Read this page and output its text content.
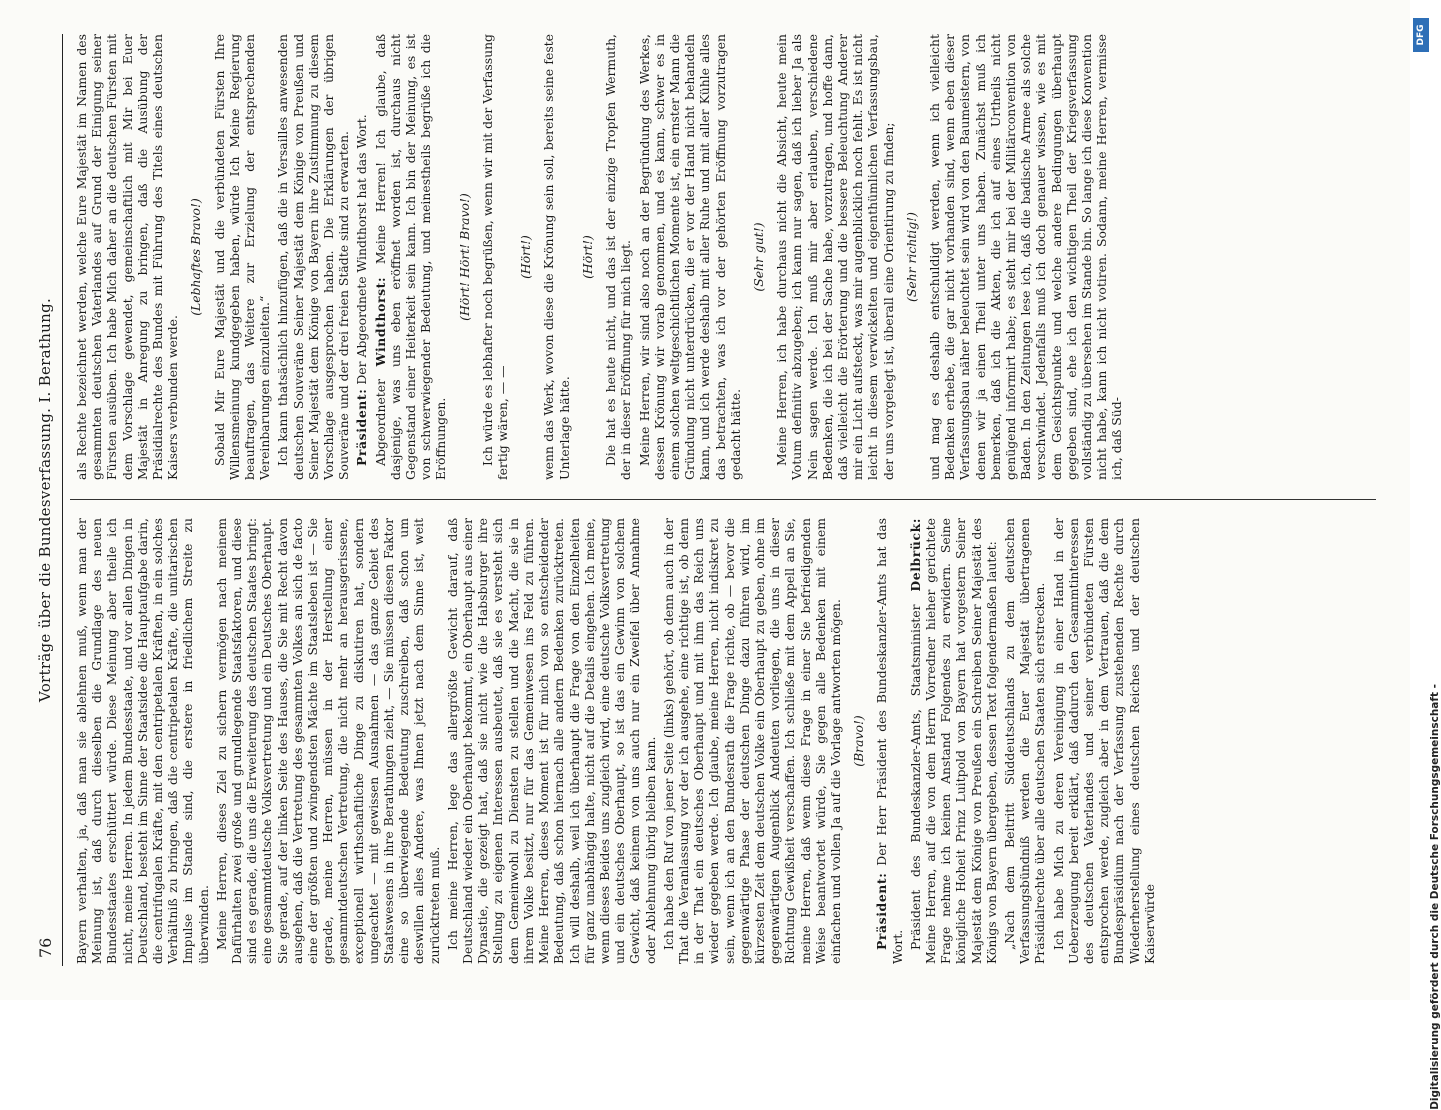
76
Vorträge über die Bundesverfassung. I. Berathung.

Bayern verhalten, ja, daß man sie ablehnen muß, wenn man der Meinung ist, daß durch dieselben die Grundlage des neuen Bundesstaates erschüttert würde. Diese Meinung aber theile ich nicht, meine Herren. In jedem Bundesstaate, und vor allen Dingen in Deutschland, besteht im Sinne der Staatsidee die Hauptaufgabe darin, die centrifugalen Kräfte, mit den centripetalen Kräften, in ein solches Verhältniß zu bringen, daß die centripetalen Kräfte, die unitarischen Impulse im Stande sind, die erstere in friedlichem Streite zu überwinden. Meine Herren, dieses Ziel zu sichern vermögen nach meinem Dafürhalten zwei große und grundlegende Staatsfaktoren, und diese sind es gerade, die uns die Erweiterung des deutschen Staates bringt: eine gesammtdeutsche Volksvertretung und ein Deutsches Oberhaupt. Sie gerade, auf der linken Seite des Hauses, die Sie mit Recht davon ausgehen, daß die Vertretung des gesammten Volkes an sich de facto eine der größten und zwingendsten Mächte im Staatsleben ist — Sie gerade, meine Herren, müssen in der Herstellung einer gesammtdeutschen Vertretung, die nicht mehr an herausgerissene, exceptionell wirthschaftliche Dinge zu diskutiren hat, sondern ungeachtet — mit gewissen Ausnahmen — das ganze Gebiet des Staatswesens in ihre Berathungen zieht, — Sie müssen diesen Faktor eine so überwiegende Bedeutung zuschreiben, daß schon um deswillen alles Andere, was Ihnen jetzt nach dem Sinne ist, weit zurücktreten muß. Ich meine Herren, lege das allergrößte Gewicht darauf, daß Deutschland wieder ein Oberhaupt bekommt, ein Oberhaupt aus einer Dynastie, die gezeigt hat, daß sie nicht wie die Habsburger ihre Stellung zu eigenen Interessen ausbeutet, daß sie es versteht sich dem Gemeinwohl zu Diensten zu stellen und die Macht, die sie in ihrem Volke besitzt, nur für das Gemeinwesen ins Feld zu führen. Meine Herren, dieses Moment ist für mich von so entscheidender Bedeutung, daß schon hiernach alle andern Bedenken zurücktreten. Ich will deshalb, weil ich überhaupt die Frage von den Einzelheiten für ganz unabhängig halte, nicht auf die Details eingehen. Ich meine, wenn dieses Beides uns zugleich wird, eine deutsche Volksvertretung und ein deutsches Oberhaupt, so ist das ein Gewinn von solchem Gewicht, daß keinem von uns auch nur ein Zweifel über Annahme oder Ablehnung übrig bleiben kann. Ich habe den Ruf von jener Seite (links) gehört, ob denn auch in der That die Veranlassung vor der ich ausgehe, eine richtige ist, ob denn in der That ein deutsches Oberhaupt und mit ihm das Reich uns wieder gegeben werde. Ich glaube, meine Herren, nicht indiskret zu sein, wenn ich an den Bundesrath die Frage richte, ob — bevor die gegenwärtige Phase der deutschen Dinge dazu führen wird, im kürzesten Zeit dem deutschen Volke ein Oberhaupt zu geben, ohne im gegenwärtigen Augenblick Andeuten vorliegen, die uns in dieser Richtung Gewißheit verschaffen. Ich schließe mit dem Appell an Sie, meine Herren, daß wenn diese Frage in einer Sie befriedigenden Weise beantwortet würde, Sie gegen alle Bedenken mit einem einfachen und vollen Ja auf die Vorlage antworten mögen. (Bravo!)

Präsident: Der Herr Präsident des Bundeskanzler-Amts hat das Wort. Präsident des Bundeskanzler-Amts, Staatsminister Delbrück: Meine Herren, auf die von dem Herrn Vorredner hieher gerichtete Frage nehme ich keinen Anstand Folgendes zu erwidern. Seine königliche Hoheit Prinz Luitpold von Bayern hat vorgestern Seiner Majestät dem Könige von Preußen ein Schreiben Seiner Majestät des Königs von Bayern übergeben, dessen Text folgendermaßen lautet: „Nach dem Beitritt Süddeutschlands zu dem deutschen Verfassungsbündniß werden die Euer Majestät übertragenen Präsidialrechte über alle deutschen Staaten sich erstrecken. Ich habe Mich zu deren Vereinigung in einer Hand in der Ueberzeugung bereit erklärt, daß dadurch den Gesammtinteressen des deutschen Vaterlandes und seiner verbündeten Fürsten entsprochen werde, zugleich aber in dem Vertrauen, daß die dem Bundespräsidium nach der Verfassung zustehenden Rechte durch Wiederherstellung eines deutschen Reiches und der deutschen Kaiserwürde

als Rechte bezeichnet werden, welche Eure Majestät im Namen des gesammten deutschen Vaterlandes auf Grund der Einigung seiner Fürsten ausüben. Ich habe Mich daher an die deutschen Fürsten mit dem Vorschlage gewendet, gemeinschaftlich mit Mir bei Euer Majestät in Anregung zu bringen, daß die Ausübung der Präsidialrechte des Bundes mit Führung des Titels eines deutschen Kaisers verbunden werde.

(Lebhaftes Bravo!) Sobald Mir Eure Majestät und die verbündeten Fürsten Ihre Willensmeinung kundgegeben haben, würde Ich Meine Regierung beauftragen, das Weitere zur Erzielung der entsprechenden Vereinbarungen einzuleiten.“ Ich kann thatsächlich hinzufügen, daß die in Versailles anwesenden deutschen Souveräne Seiner Majestät dem Könige von Preußen und Seiner Majestät dem Könige von Bayern ihre Zustimmung zu diesem Vorschlage ausgesprochen haben. Die Erklärungen der übrigen Souveräne und der drei freien Städte sind zu erwarten. Präsident: Der Abgeordnete Windthorst hat das Wort.

Abgeordneter Windthorst: Meine Herren! Ich glaube, daß dasjenige, was uns eben eröffnet worden ist, durchaus nicht Gegenstand einer Heiterkeit sein kann. Ich bin der Meinung, es ist von schwerwiegender Bedeutung, und meinestheils begrüße ich die Eröffnungen.

(Hört! Hört! Bravo!) Ich würde es lebhafter noch begrüßen, wenn wir mit der Verfassung fertig wären, — —

(Hört!) wenn das Werk, wovon diese die Krönung sein soll, bereits seine feste Unterlage hätte.

(Hört!) Die hat es heute nicht, und das ist der einzige Tropfen Wermuth, der in dieser Eröffnung für mich liegt. Meine Herren, wir sind also noch an der Begründung des Werkes, dessen Krönung wir vorab genommen, und es kann, schwer es in einem solchen weltgeschichtlichen Momente ist, ein ernster Mann die Gründung nicht unterdrücken, die er vor der Hand nicht behandeln kann, und ich werde deshalb mit aller Ruhe und mit aller Kühle alles das betrachten, was ich vor der gehörten Eröffnung vorzutragen gedacht hätte.

(Sehr gut!) Meine Herren, ich habe durchaus nicht die Absicht, heute mein Votum definitiv abzugeben; ich kann nur sagen, daß ich lieber Ja als Nein sagen werde. Ich muß mir aber erlauben, verschiedene Bedenken, die ich bei der Sache habe, vorzutragen, und hoffe dann, daß vielleicht die Erörterung und die bessere Beleuchtung Anderer mir ein Licht aufsteckt, was mir augenblicklich noch fehlt. Es ist nicht leicht in diesem verwickelten und eigenthümlichen Verfassungsbau, der uns vorgelegt ist, überall eine Orientirung zu finden; (Sehr richtig!) und mag es deshalb entschuldigt werden, wenn ich vielleicht Bedenken erhebe, die gar nicht vorhanden sind, wenn eben dieser Verfassungsbau näher beleuchtet sein wird von den Baumeistern, von denen wir ja einen Theil unter uns haben. Zunächst muß ich bemerken, daß ich die Akten, die ich auf eines Urtheils nicht genügend informirt habe; es steht mir bei der Militärconvention von Baden. In den Zeitungen lese ich, daß die badische Armee als solche verschwindet. Jedenfalls muß ich doch genauer wissen, wie es mit dem Gesichtspunkte und welche andere Bedingungen überhaupt gegeben sind, ehe ich den wichtigen Theil der Kriegsverfassung vollständig zu übersehen im Stande bin. So lange ich diese Konvention nicht habe, kann ich nicht votiren. Sodann, meine Herren, vermisse ich, daß Süd-

Digitalisierung gefördert durch die Deutsche Forschungsgemeinschaft -
DFG
